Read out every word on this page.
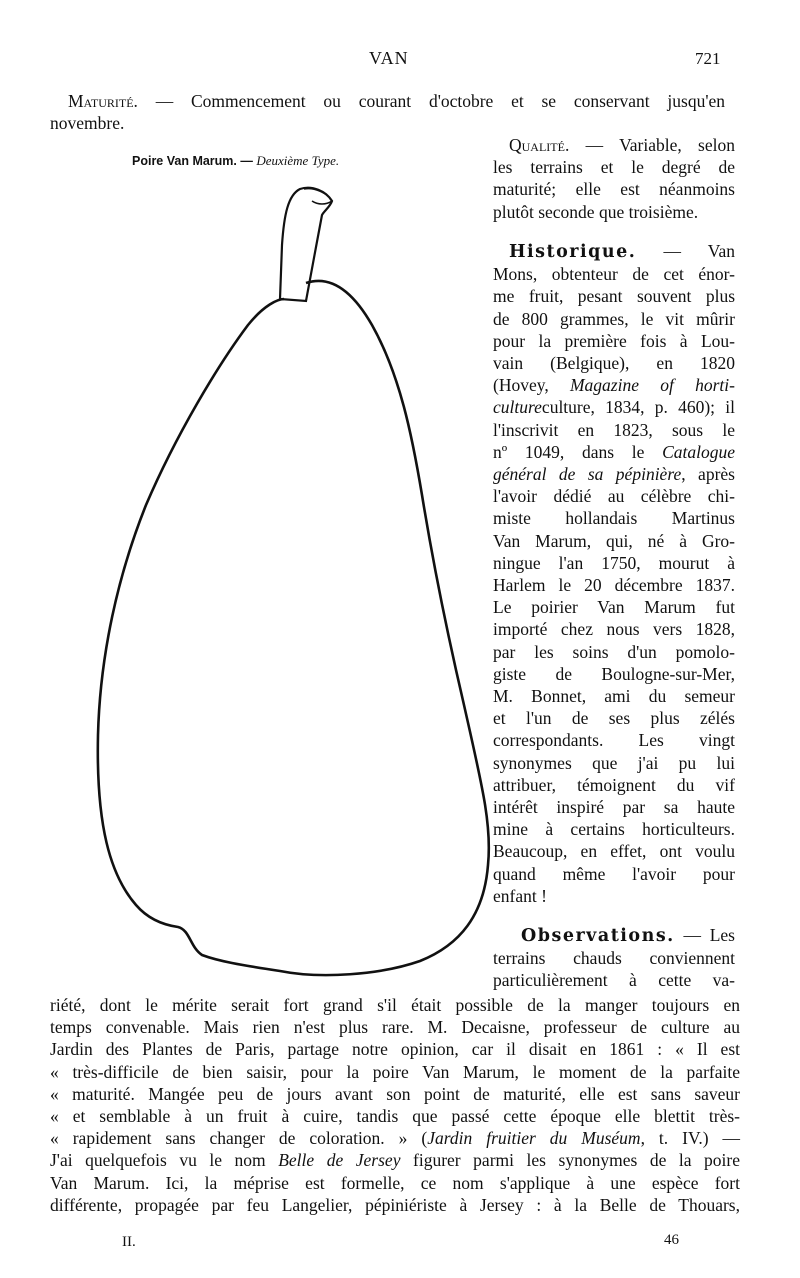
VAN	721
Maturité. — Commencement ou courant d'octobre et se conservant jusqu'en
novembre.
Poire Van Marum. — Deuxième Type.
Qualité. — Variable, selon
les terrains et le degré de
maturité; elle est néanmoins
plutôt seconde que troisième.
Historique. — Van
Mons, obtenteur de cet énor-
me fruit, pesant souvent plus
de 800 grammes, le vit mûrir
pour la première fois à Lou-
vain (Belgique), en 1820
(Hovey, Magazine of horti-
cultureculture, 1834, p. 460); il
l'inscrivit en 1823, sous le
nº 1049, dans le Catalogue
général de sa pépinière, après
l'avoir dédié au célèbre chi-
miste hollandais Martinus
Van Marum, qui, né à Gro-
ningue l'an 1750, mourut à
Harlem le 20 décembre 1837.
Le poirier Van Marum fut
importé chez nous vers 1828,
par les soins d'un pomolo-
giste de Boulogne-sur-Mer,
M. Bonnet, ami du semeur
et l'un de ses plus zélés
correspondants. Les vingt
synonymes que j'ai pu lui
attribuer, témoignent du vif
intérêt inspiré par sa haute
mine à certains horticulteurs.
Beaucoup, en effet, ont voulu
quand même l'avoir pour
enfant !
Observations. — Les
terrains chauds conviennent
particulièrement à cette va-
riété, dont le mérite serait fort grand s'il était possible de la manger toujours en
temps convenable. Mais rien n'est plus rare. M. Decaisne, professeur de culture au
Jardin des Plantes de Paris, partage notre opinion, car il disait en 1861 : « Il est
« très-difficile de bien saisir, pour la poire Van Marum, le moment de la parfaite
« maturité. Mangée peu de jours avant son point de maturité, elle est sans saveur
« et semblable à un fruit à cuire, tandis que passé cette époque elle blettit très-
« rapidement sans changer de coloration. » (Jardin fruitier du Muséum, t. IV.) —
J'ai quelquefois vu le nom Belle de Jersey figurer parmi les synonymes de la poire
Van Marum. Ici, la méprise est formelle, ce nom s'applique à une espèce fort
différente, propagée par feu Langelier, pépiniériste à Jersey : à la Belle de Thouars,
II.	46
